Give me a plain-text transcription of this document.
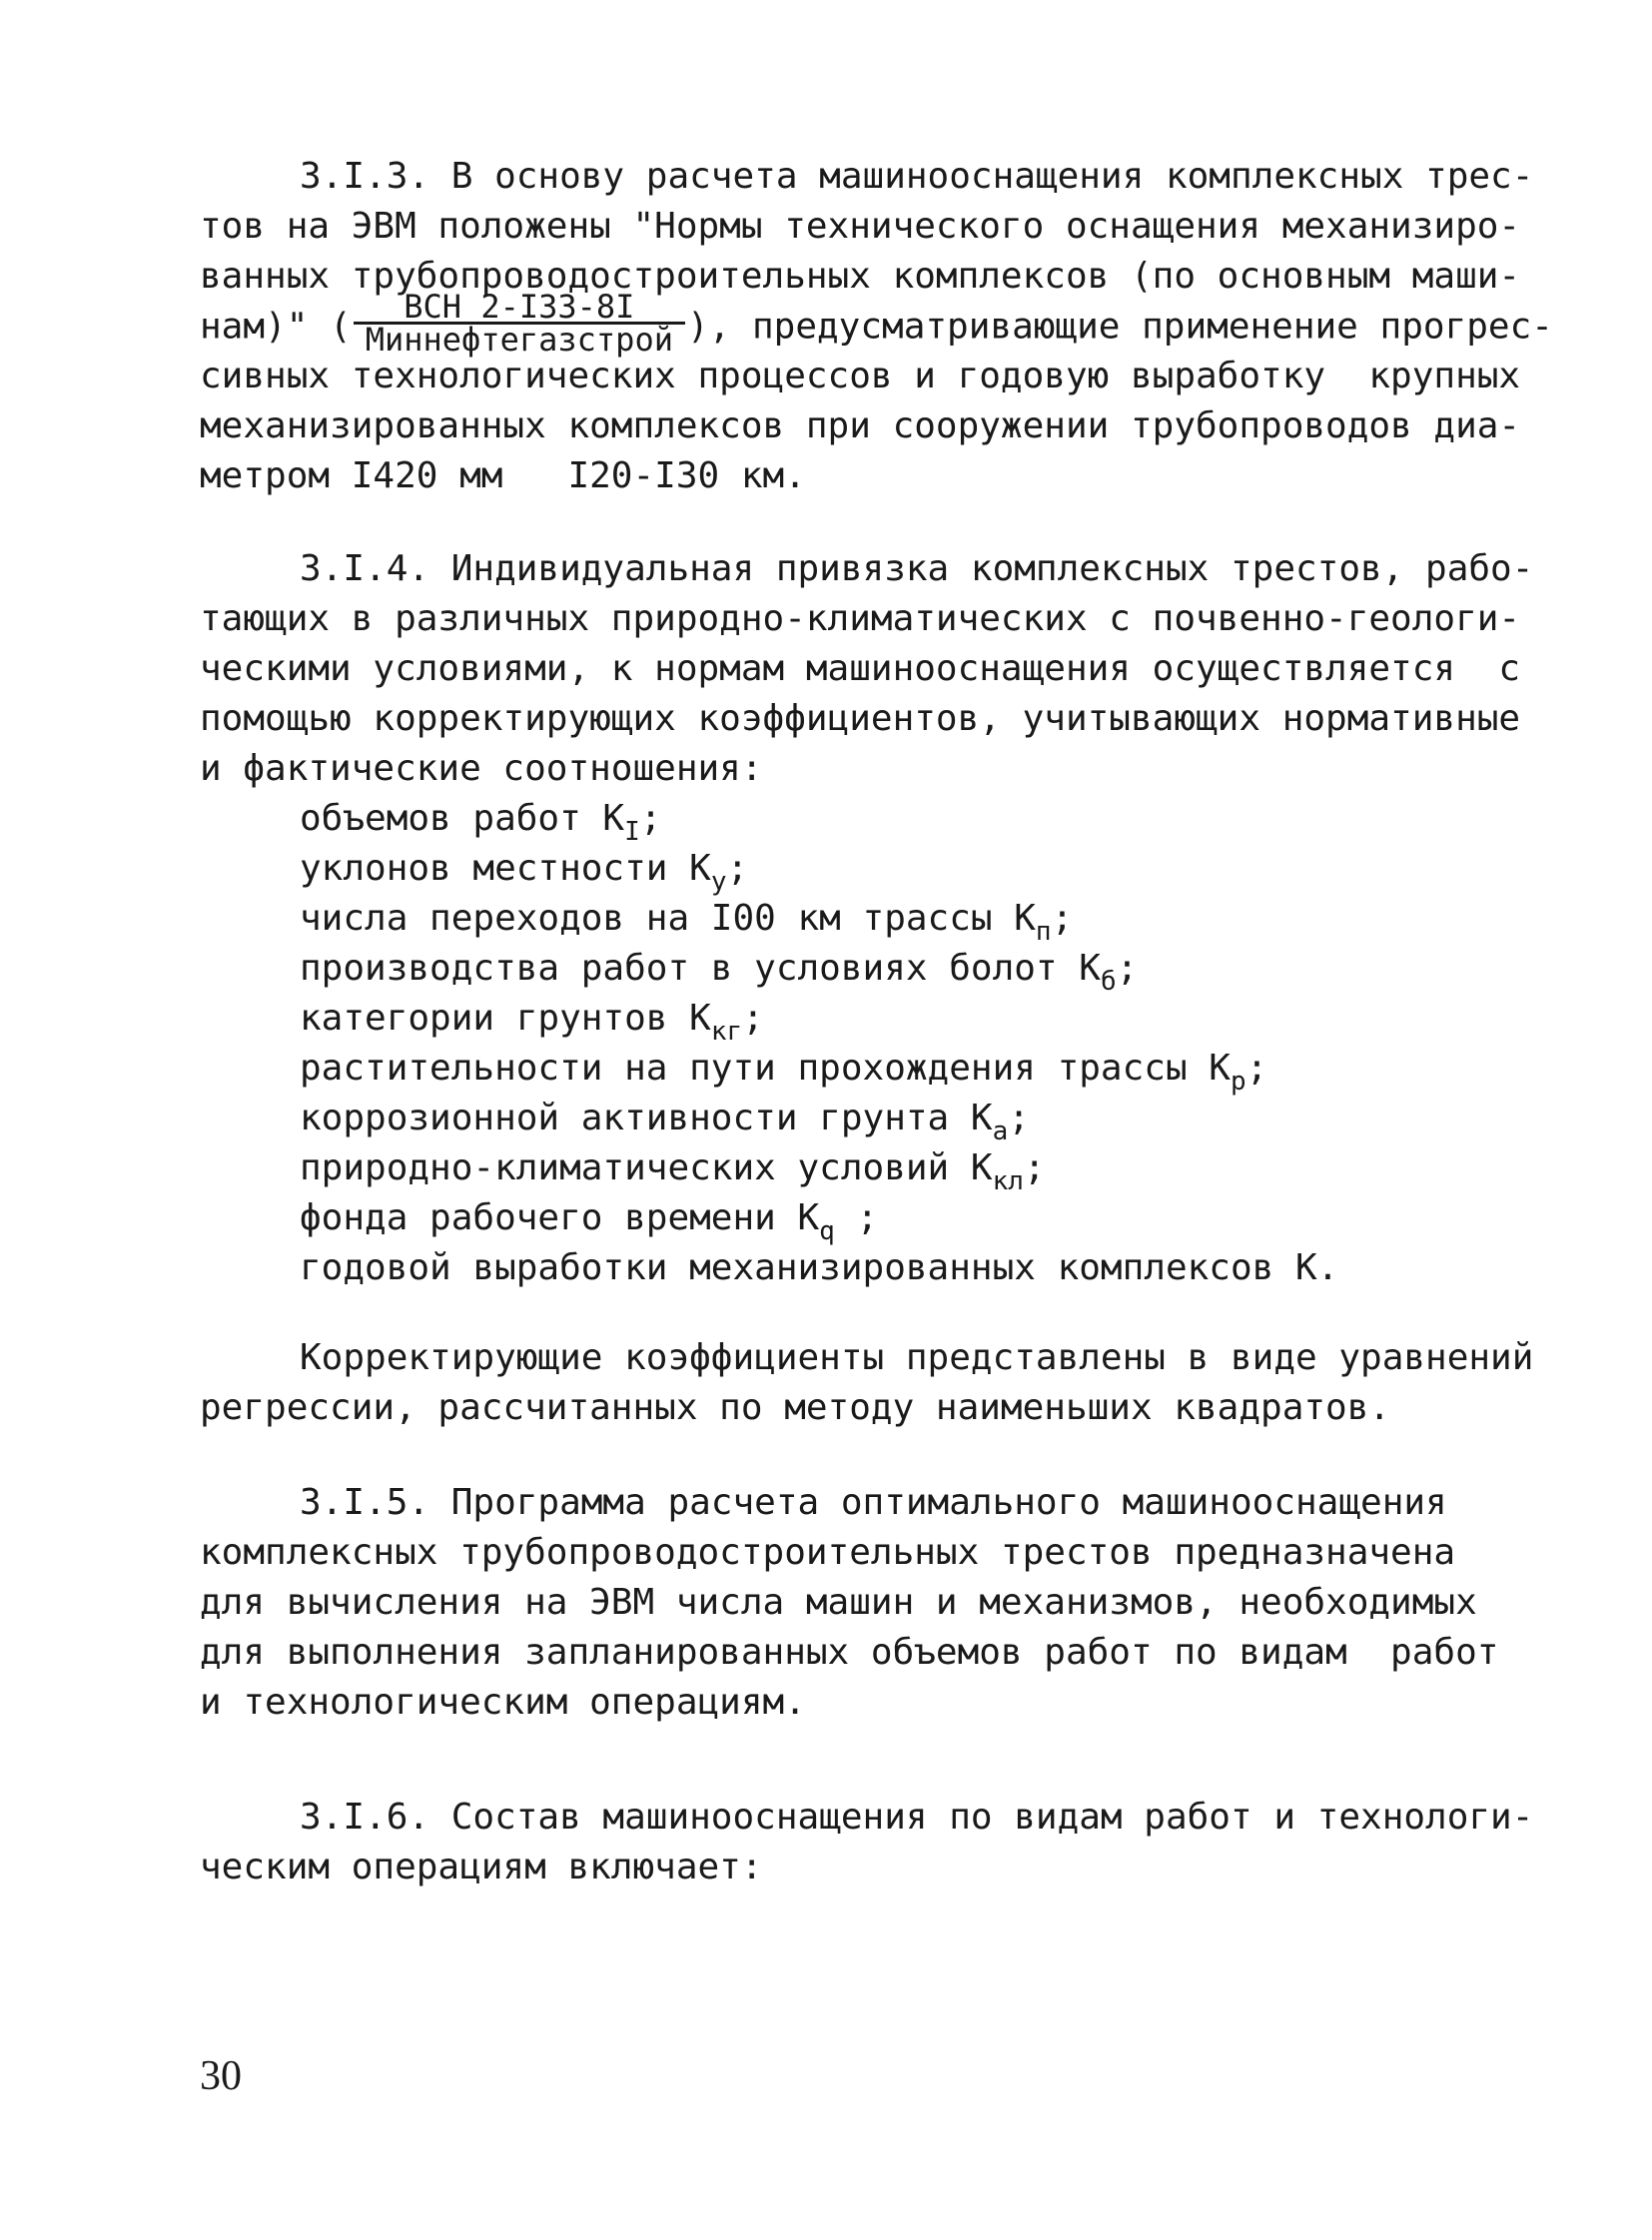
3.I.3. В основу расчета машинооснащения комплексных трес-
тов на ЭВМ положены "Нормы технического оснащения механизиро-
ванных трубопроводостроительных комплексов (по основным маши-
нам)" ( $\frac{\text{ВСН 2-I33-8I}}{\text{Миннефтегазстрой}}$ ), предусматривающие применение прогрес-
сивных технологических процессов и годовую выработку  крупных
механизированных комплексов при сооружении трубопроводов диа-
метром I420 мм   I20-I30 км.
3.I.4. Индивидуальная привязка комплексных трестов, рабо-
тающих в различных природно-климатических с почвенно-геологи-
ческими условиями, к нормам машинооснащения осуществляется  с
помощью корректирующих коэффициентов, учитывающих нормативные
и фактические соотношения:
объемов работ $К_I$;
уклонов местности $К_у$;
числа переходов на I00 км трассы $К_п$;
производства работ в условиях болот $К_б$;
категории грунтов $К_{кг}$;
растительности на пути прохождения трассы $К_р$;
коррозионной активности грунта $К_а$;
природно-климатических условий $К_{кл}$;
фонда рабочего времени $К_q$ ;
годовой выработки механизированных комплексов К.
Корректирующие коэффициенты представлены в виде уравнений
регрессии, рассчитанных по методу наименьших квадратов.
3.I.5. Программа расчета оптимального машинооснащения
комплексных трубопроводостроительных трестов предназначена
для вычисления на ЭВМ числа машин и механизмов, необходимых
для выполнения запланированных объемов работ по видам  работ
и технологическим операциям.
3.I.6. Состав машинооснащения по видам работ и технологи-
ческим операциям включает:
30
